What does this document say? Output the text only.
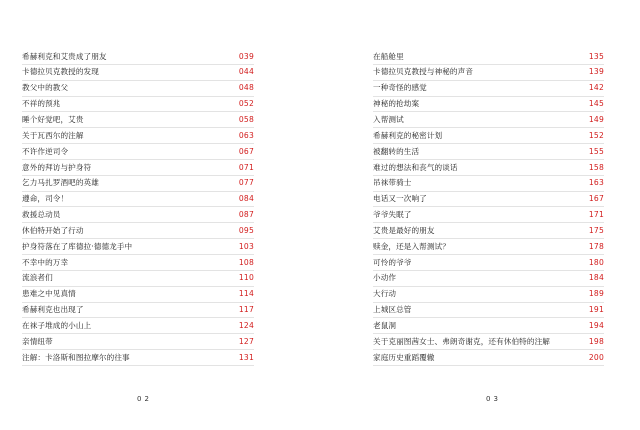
希赫利克和艾贵成了朋友	039
卡德拉贝克教授的发现	044
教父中的教父	048
不祥的预兆	052
睡个好觉吧，艾贵	058
关于瓦西尔的注解	063
不许作逆司令	067
意外的拜访与护身符	071
乞力马扎罗酒吧的英雄	077
遵命，司令！	084
救援总动员	087
休伯特开始了行动	095
护身符落在了库德拉·德德龙手中	103
不幸中的万幸	108
流浪者们	110
患难之中见真情	114
希赫利克也出现了	117
在袜子堆成的小山上	124
亲情纽带	127
注解：卡洛斯和图拉摩尔的往事	131
02
在船舱里	135
卡德拉贝克教授与神秘的声音	139
一种奇怪的感觉	142
神秘的抢劫案	145
入帮测试	149
希赫利克的秘密计划	152
被翻转的生活	155
难过的想法和丧气的谈话	158
吊袜带骑士	163
电话又一次响了	167
爷爷失眠了	171
艾贵是最好的朋友	175
赎金，还是入帮测试？	178
可怜的爷爷	180
小动作	184
大行动	189
上城区总管	191
老鼠洞	194
关于克丽图茜女士、弗朗奇谢克，还有休伯特的注解	198
家庭历史重蹈覆辙	200
03
